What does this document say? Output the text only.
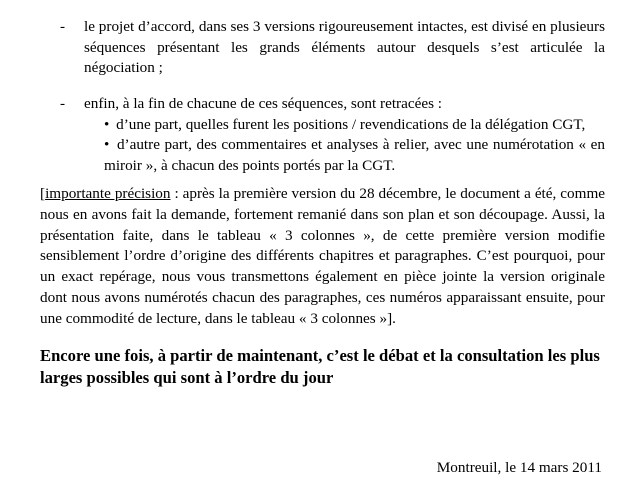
- le projet d’accord, dans ses 3 versions rigoureusement intactes, est divisé en plusieurs séquences présentant les grands éléments autour desquels s’est articulée la négociation ;
- enfin, à la fin de chacune de ces séquences, sont retracées :
• d’une part, quelles furent les positions / revendications de la délégation CGT,
• d’autre part, des commentaires et analyses à relier, avec une numérotation « en miroir », à chacun des points portés par la CGT.
[importante précision : après la première version du 28 décembre, le document a été, comme nous en avons fait la demande, fortement remanié dans son plan et son découpage. Aussi, la présentation faite, dans le tableau « 3 colonnes », de cette première version modifie sensiblement l’ordre d’origine des différents chapitres et paragraphes. C’est pourquoi, pour un exact repérage, nous vous transmettons également en pièce jointe la version originale dont nous avons numérotés chacun des paragraphes, ces numéros apparaissant ensuite, pour une commodité de lecture, dans le tableau « 3 colonnes »].
Encore une fois, à partir de maintenant, c’est le débat et la consultation les plus larges possibles qui sont à l’ordre du jour
Montreuil, le 14 mars 2011
